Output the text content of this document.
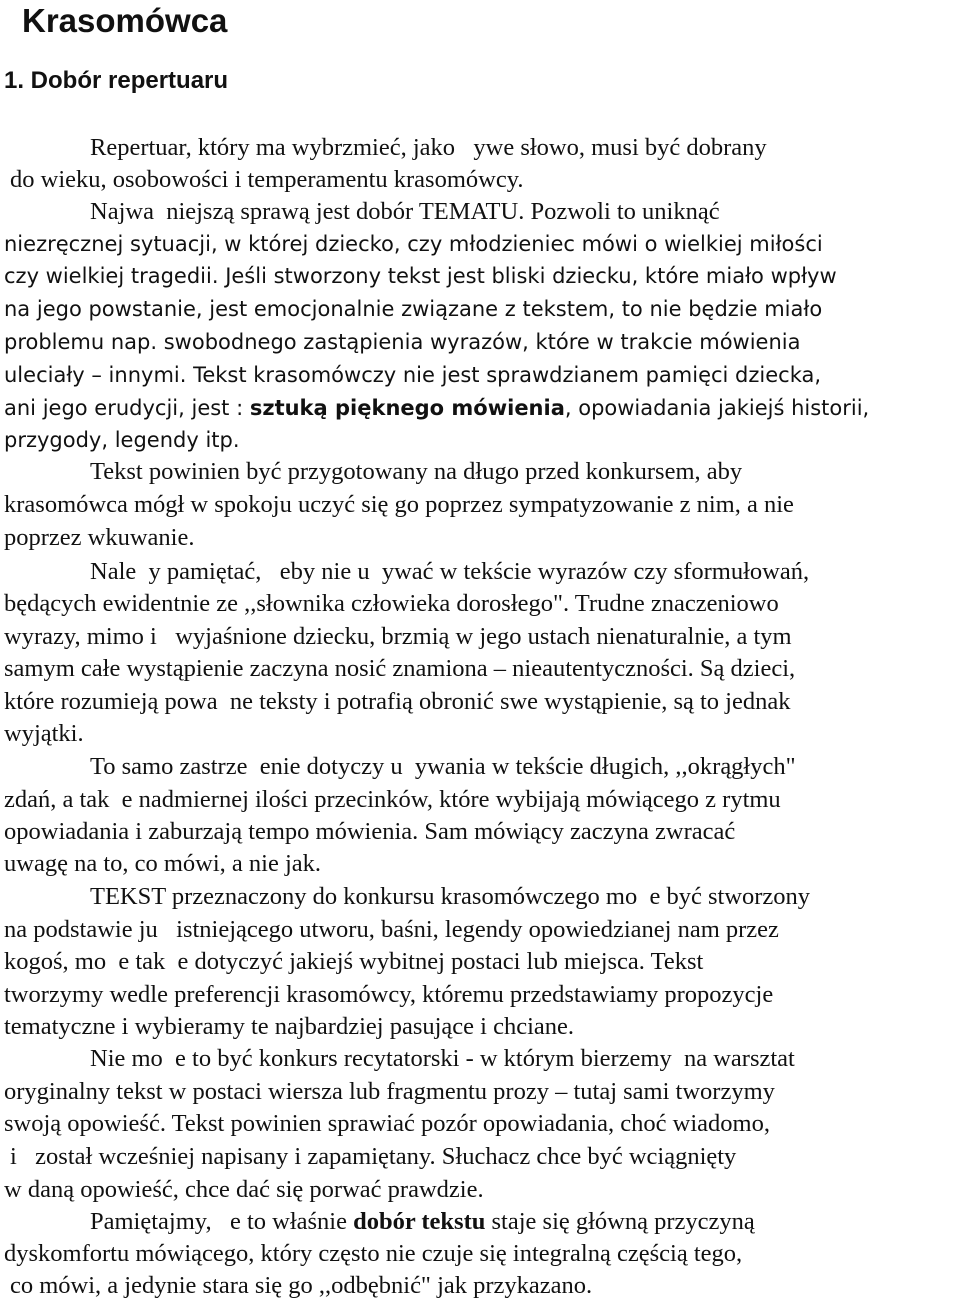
Krasomówca
1. Dobór repertuaru
Repertuar, który ma wybrzmieć, jako   ywe słowo, musi być dobrany
do wieku, osobowości i temperamentu krasomówcy.
Najwa  niejszą sprawą jest dobór TEMATU. Pozwoli to uniknąć
niezręcznej sytuacji, w której dziecko, czy młodzieniec mówi o wielkiej miłości
czy wielkiej tragedii. Jeśli stworzony tekst jest bliski dziecku, które miało wpływ
na jego powstanie, jest emocjonalnie związane z tekstem, to nie będzie miało
problemu nap. swobodnego zastąpienia wyrazów, które w trakcie mówienia
uleciały – innymi. Tekst krasomówczy nie jest sprawdzianem pamięci dziecka,
ani jego erudycji, jest : sztuką pięknego mówienia, opowiadania jakiejś historii,
przygody, legendy itp.
Tekst powinien być przygotowany na długo przed konkursem, aby
krasomówca mógł w spokoju uczyć się go poprzez sympatyzowanie z nim, a nie
poprzez wkuwanie.
Nale  y pamiętać,   eby nie u  ywać w tekście wyrazów czy sformułowań,
będących ewidentnie ze ,,słownika człowieka dorosłego". Trudne znaczeniowo
wyrazy, mimo i   wyjaśnione dziecku, brzmią w jego ustach nienaturalnie, a tym
samym całe wystąpienie zaczyna nosić znamiona – nieautentyczności. Są dzieci,
które rozumieją powa  ne teksty i potrafią obronić swe wystąpienie, są to jednak
wyjątki.
To samo zastrze  enie dotyczy u  ywania w tekście długich, ,,okrągłych"
zdań, a tak  e nadmiernej ilości przecinków, które wybijają mówiącego z rytmu
opowiadania i zaburzają tempo mówienia. Sam mówiący zaczyna zwracać
uwagę na to, co mówi, a nie jak.
TEKST przeznaczony do konkursu krasomówczego mo  e być stworzony
na podstawie ju   istniejącego utworu, baśni, legendy opowiedzianej nam przez
kogoś, mo  e tak  e dotyczyć jakiejś wybitnej postaci lub miejsca. Tekst
tworzymy wedle preferencji krasomówcy, któremu przedstawiamy propozycje
tematyczne i wybieramy te najbardziej pasujące i chciane.
Nie mo  e to być konkurs recytatorski - w którym bierzemy  na warsztat
oryginalny tekst w postaci wiersza lub fragmentu prozy – tutaj sami tworzymy
swoją opowieść. Tekst powinien sprawiać pozór opowiadania, choć wiadomo,
i   został wcześniej napisany i zapamiętany. Słuchacz chce być wciągnięty
w daną opowieść, chce dać się porwać prawdzie.
Pamiętajmy,   e to właśnie dobór tekstu staje się główną przyczyną
dyskomfortu mówiącego, który często nie czuje się integralną częścią tego,
co mówi, a jedynie stara się go ,,odbębnić" jak przykazano.
